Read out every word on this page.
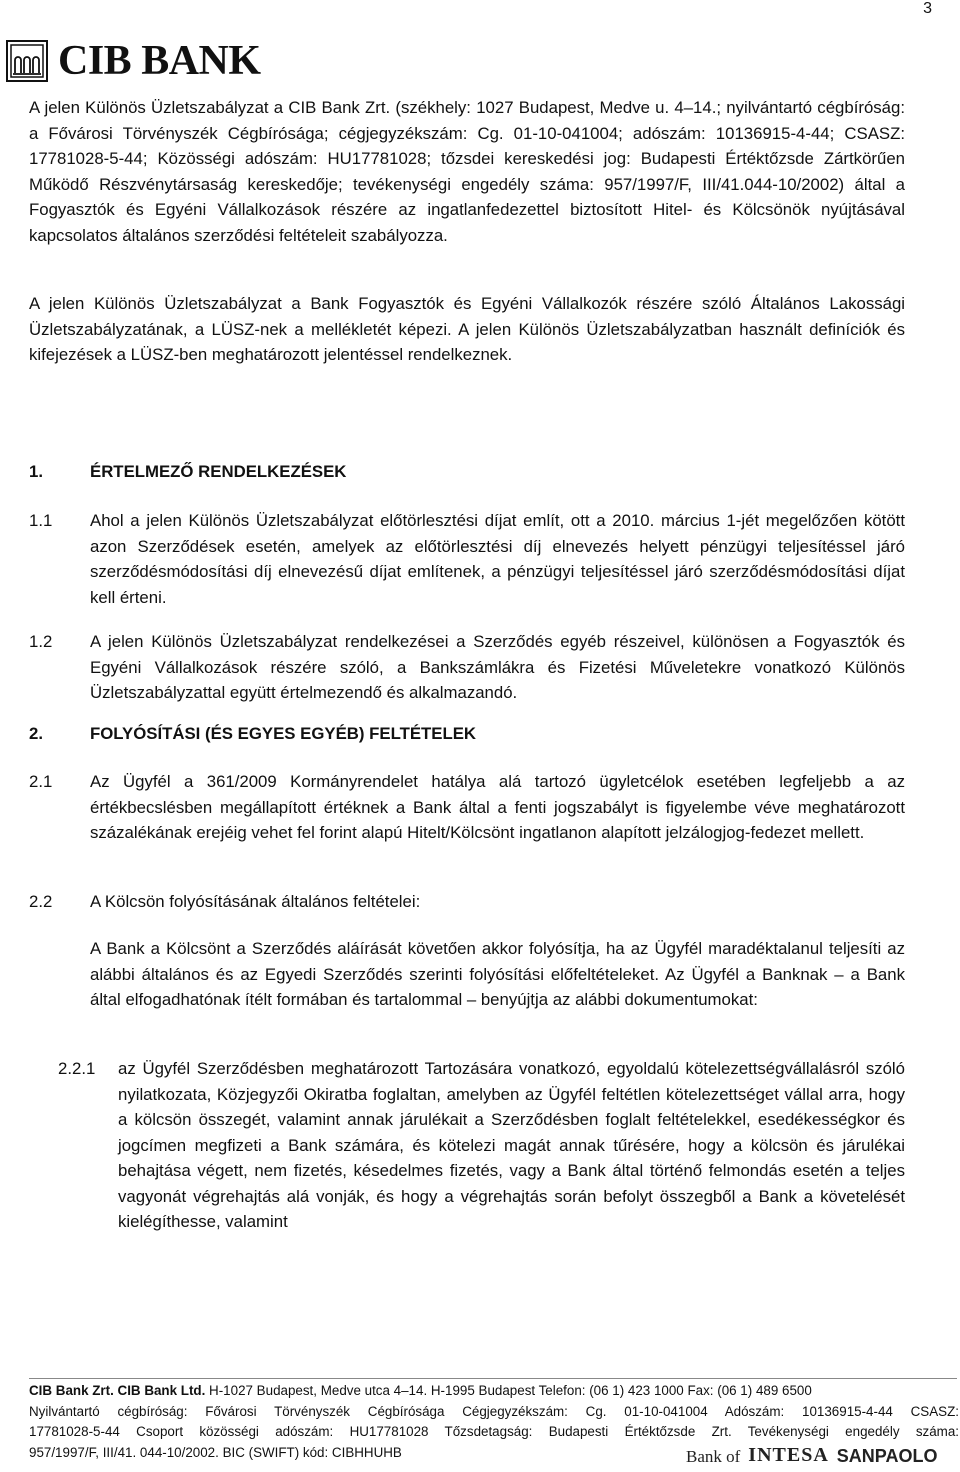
3
CIB BANK

A jelen Különös Üzletszabályzat a CIB Bank Zrt. (székhely: 1027 Budapest, Medve u. 4–14.; nyilvántartó cégbíróság: a Fővárosi Törvényszék Cégbírósága; cégjegyzékszám: Cg. 01-10-041004; adószám: 10136915-4-44; CSASZ: 17781028-5-44; Közösségi adószám: HU17781028; tőzsdei kereskedési jog: Budapesti Értéktőzsde Zártkörűen Működő Részvénytársaság kereskedője; tevékenységi engedély száma: 957/1997/F, III/41.044-10/2002) által a Fogyasztók és Egyéni Vállalkozások részére az ingatlanfedezettel biztosított Hitel- és Kölcsönök nyújtásával kapcsolatos általános szerződési feltételeit szabályozza.

A jelen Különös Üzletszabályzat a Bank Fogyasztók és Egyéni Vállalkozók részére szóló Általános Lakossági Üzletszabályzatának, a LÜSZ-nek a mellékletét képezi. A jelen Különös Üzletszabályzatban használt definíciók és kifejezések a LÜSZ-ben meghatározott jelentéssel rendelkeznek.

1.	ÉRTELMEZŐ RENDELKEZÉSEK
1.1 Ahol a jelen Különös Üzletszabályzat előtörlesztési díjat említ, ott a 2010. március 1-jét megelőzően kötött azon Szerződések esetén, amelyek az előtörlesztési díj elnevezés helyett pénzügyi teljesítéssel járó szerződésmódosítási díj elnevezésű díjat említenek, a pénzügyi teljesítéssel járó szerződésmódosítási díjat kell érteni.
1.2 A jelen Különös Üzletszabályzat rendelkezései a Szerződés egyéb részeivel, különösen a Fogyasztók és Egyéni Vállalkozások részére szóló, a Bankszámlákra és Fizetési Műveletekre vonatkozó Különös Üzletszabályzattal együtt értelmezendő és alkalmazandó.
2.	FOLYÓSÍTÁSI (ÉS EGYES EGYÉB) FELTÉTELEK
2.1 Az Ügyfél a 361/2009 Kormányrendelet hatálya alá tartozó ügyletcélok esetében legfeljebb a az értékbecslésben megállapított értéknek a Bank által a fenti jogszabályt is figyelembe véve meghatározott százalékának erejéig vehet fel forint alapú Hitelt/Kölcsönt ingatlanon alapított jelzálogjog-fedezet mellett.
2.2 A Kölcsön folyósításának általános feltételei:
A Bank a Kölcsönt a Szerződés aláírását követően akkor folyósítja, ha az Ügyfél maradéktalanul teljesíti az alábbi általános és az Egyedi Szerződés szerinti folyósítási előfeltételeket. Az Ügyfél a Banknak – a Bank által elfogadhatónak ítélt formában és tartalommal – benyújtja az alábbi dokumentumokat:
2.2.1 az Ügyfél Szerződésben meghatározott Tartozására vonatkozó, egyoldalú kötelezettségvállalásról szóló nyilatkozata, Közjegyzői Okiratba foglaltan, amelyben az Ügyfél feltétlen kötelezettséget vállal arra, hogy a kölcsön összegét, valamint annak járulékait a Szerződésben foglalt feltételekkel, esedékességkor és jogcímen megfizeti a Bank számára, és kötelezi magát annak tűrésére, hogy a kölcsön és járulékai behajtása végett, nem fizetés, késedelmes fizetés, vagy a Bank által történő felmondás esetén a teljes vagyonát végrehajtás alá vonják, és hogy a végrehajtás során befolyt összegből a Bank a követelését kielégíthesse, valamint
CIB Bank Zrt. CIB Bank Ltd. H-1027 Budapest, Medve utca 4–14. H-1995 Budapest Telefon: (06 1) 423 1000 Fax: (06 1) 489 6500
Nyilvántartó cégbíróság: Fővárosi Törvényszék Cégbírósága Cégjegyzékszám: Cg. 01-10-041004 Adószám: 10136915-4-44 CSASZ:
17781028-5-44 Csoport közösségi adószám: HU17781028 Tőzsdetagság: Budapesti Értéktőzsde Zrt. Tevékenységi engedély száma:
957/1997/F, III/41. 044-10/2002. BIC (SWIFT) kód: CIBHHUHB	Bank of INTESA SANPAOLO
